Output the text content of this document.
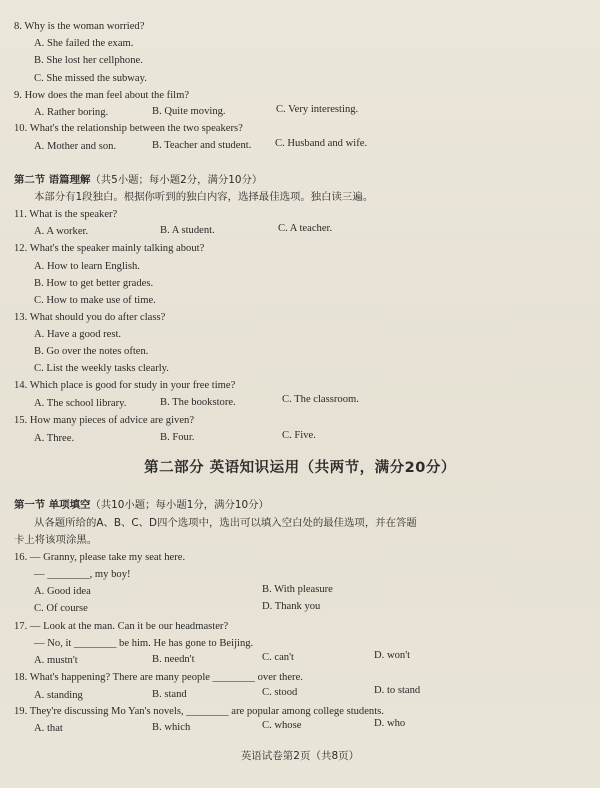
8. Why is the woman worried?
A. She failed the exam.
B. She lost her cellphone.
C. She missed the subway.
9. How does the man feel about the film?
A. Rather boring.	B. Quite moving.	C. Very interesting.
10. What's the relationship between the two speakers?
A. Mother and son.	B. Teacher and student. C. Husband and wife.
第二节 语篇理解（共5小题；每小题2分，满分10分）
本部分有1段独白。根据你听到的独白内容，选择最佳选项。独白读三遍。
11. What is the speaker?
A. A worker.	B. A student.	C. A teacher.
12. What's the speaker mainly talking about?
A. How to learn English.
B. How to get better grades.
C. How to make use of time.
13. What should you do after class?
A. Have a good rest.
B. Go over the notes often.
C. List the weekly tasks clearly.
14. Which place is good for study in your free time?
A. The school library.	B. The bookstore.	C. The classroom.
15. How many pieces of advice are given?
A. Three.	B. Four.	C. Five.
第二部分 英语知识运用（共两节，满分20分）
第一节 单项填空（共10小题；每小题1分，满分10分）
从各题所给的A、B、C、D四个选项中，选出可以填入空白处的最佳选项，并在答题
卡上将该项涂黑。
16. — Granny, please take my seat here.
— ________, my boy!
A. Good idea	B. With pleasure
C. Of course	D. Thank you
17. — Look at the man. Can it be our headmaster?
— No, it ________ be him. He has gone to Beijing.
A. mustn't	B. needn't	C. can't	D. won't
18. What's happening? There are many people ________ over there.
A. standing	B. stand	C. stood	D. to stand
19. They're discussing Mo Yan's novels, ________ are popular among college students.
A. that	B. which	C. whose	D. who
英语试卷第2页（共8页）
